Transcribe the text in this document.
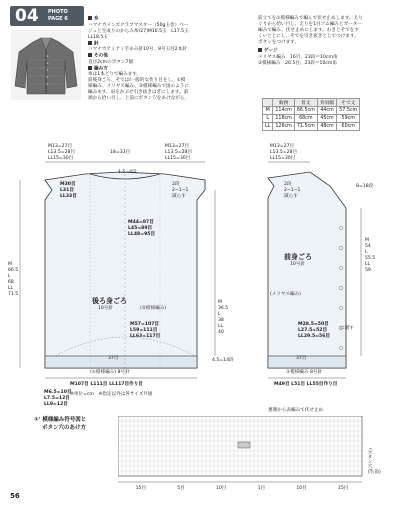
04 PHOTO
PAGE 6	糸
ハマナカメンズクラブマスター（50g玉巻）ベー
ジュと生成りのからみ糸(27)M16.5玉　L17.5玉
LL18.5玉
針
ハマナカアミアミ手あみ針10号、8号玉付2本針
その他
直径2cmのボタン7個
編み方
糸は1本どりで編みます。
前後身ごろ、そではⅠ一般的な作り目をし、①模
様編み、メリヤス編み、②模様編みで図のように
編みます。肩をかぶせ引き抜きはぎにします。前
端から拾い目し、上前にボタン穴をあけながら、
前立てを①模様編みで編んで伏せ止めします。えり
ぐりから拾い目し、えりを1目ゴム編みとガーター
編みで編み、伏せ止めにします。わきとそでをす
くいとじにし、そでを引き抜きとじでつけます。
ボタンをつけます。
ゲージ
メリヤス編み　16目、23段＝10cm角
②模様編み　20.5目、23段＝10cm角
	胸囲	着丈	背肩幅	そで丈
M	114cm	66.5cm	44cm	57.5cm
L	118cm	68cm	45cm	59cm
LL	126cm	71.5cm	48cm	60cm
M13=27目
L13.5=28目
LL15=30目
18=33目
M13=27目
L13.5=28目
LL15=30目
1.5=4段
M30目
L31目
LL33目
2段
2−1−1
減らす
M44=87目
L45=89目
LL48=95目
M
66.5
L
68
LL
71.5
M
36.5
L
38
LL
40
後ろ身ごろ
10号針	(②模様編み)
M57=107目
L59=111目
LL63=117目
37目
(①模様編み) 8号針
4.5=14段
M107目 L111目 LL117目作り目
M13=27目
L13.5=28目
LL15=30目
8=18段
2段
2−1−1
減らす
前身ごろ
10号針
M
54
L
55.5
LL
59
(メリヤス編み)
M28.5=50目
L27.5=52目
LL29.5=56目
に増す
37目
①模様編み 8号針
M49目 L51目 LL55目作り目
※単位=cm　※指定以外は各サイズ共通
M6.5=10目
L7.5=12目
LL9=12目
①' 模様編み符号図と
ボタン穴のあけ方
裏側から表編みで伏せ止め
15目	5目	10目	1目	10目	15目
(右前)
(ボタン穴)
56
